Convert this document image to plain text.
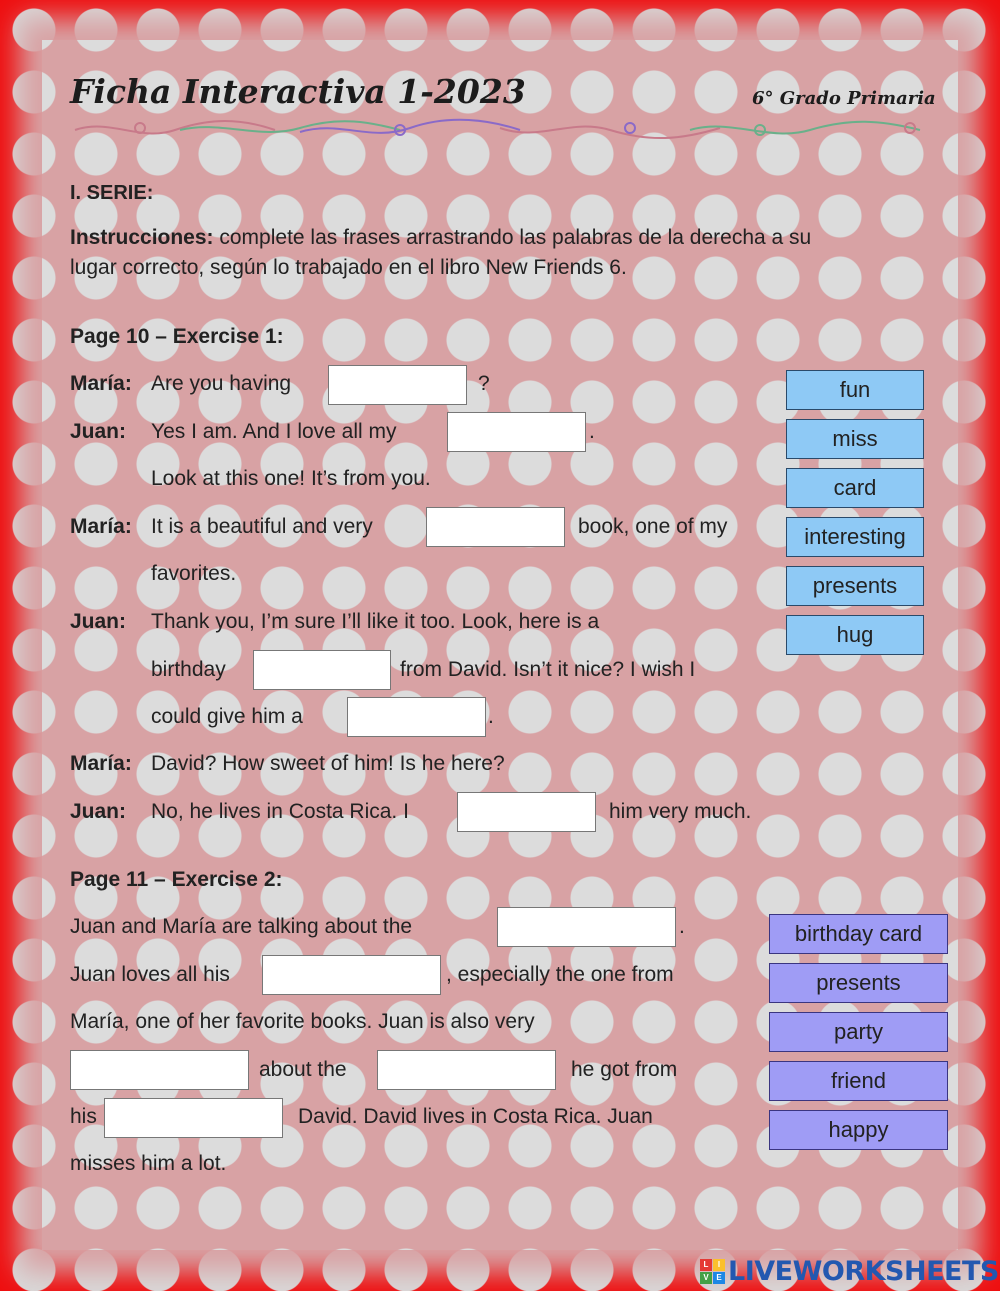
Ficha Interactiva 1-2023	6° Grado Primaria
I. SERIE:
Instrucciones: complete las frases arrastrando las palabras de la derecha a su
lugar correcto, según lo trabajado en el libro New Friends 6.
Page 10 – Exercise 1:
María: Are you having	?
Juan: Yes I am. And I love all my	.
Look at this one! It’s from you.
María: It is a beautiful and very	book, one of my
favorites.
Juan: Thank you, I’m sure I’ll like it too. Look, here is a
birthday	from David. Isn’t it nice? I wish I
could give him a	.
María: David? How sweet of him! Is he here?
Juan: No, he lives in Costa Rica. I	him very much.
fun
miss
card
interesting
presents
hug
Page 11 – Exercise 2:
Juan and María are talking about the	.
Juan loves all his	, especially the one from
María, one of her favorite books. Juan is also very
about the	he got from
his	David. David lives in Costa Rica. Juan
misses him a lot.
birthday card
presents
party
friend
happy
L	I
V E LIVEWORKSHEETS
